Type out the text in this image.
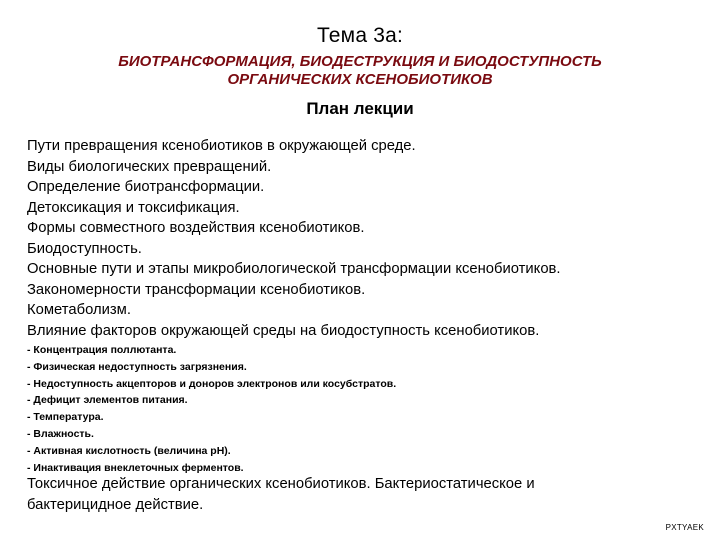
Тема 3а:
БИОТРАНСФОРМАЦИЯ, БИОДЕСТРУКЦИЯ И БИОДОСТУПНОСТЬ
ОРГАНИЧЕСКИХ КСЕНОБИОТИКОВ
План лекции
Пути превращения ксенобиотиков в окружающей среде.
Виды биологических превращений.
Определение биотрансформации.
Детоксикация и токсификация.
Формы совместного воздействия ксенобиотиков.
Биодоступность.
Основные пути и этапы микробиологической трансформации ксенобиотиков.
Закономерности трансформации ксенобиотиков.
Кометаболизм.
Влияние факторов окружающей среды на биодоступность ксенобиотиков.
- Концентрация поллютанта.
- Физическая недоступность загрязнения.
- Недоступность акцепторов и доноров электронов или косубстратов.
- Дефицит элементов питания.
- Температура.
- Влажность.
- Активная кислотность (величина рН).
- Инактивация внеклеточных ферментов.
Токсичное действие органических ксенобиотиков. Бактериостатическое и
бактерицидное действие.
PXTYAEK
